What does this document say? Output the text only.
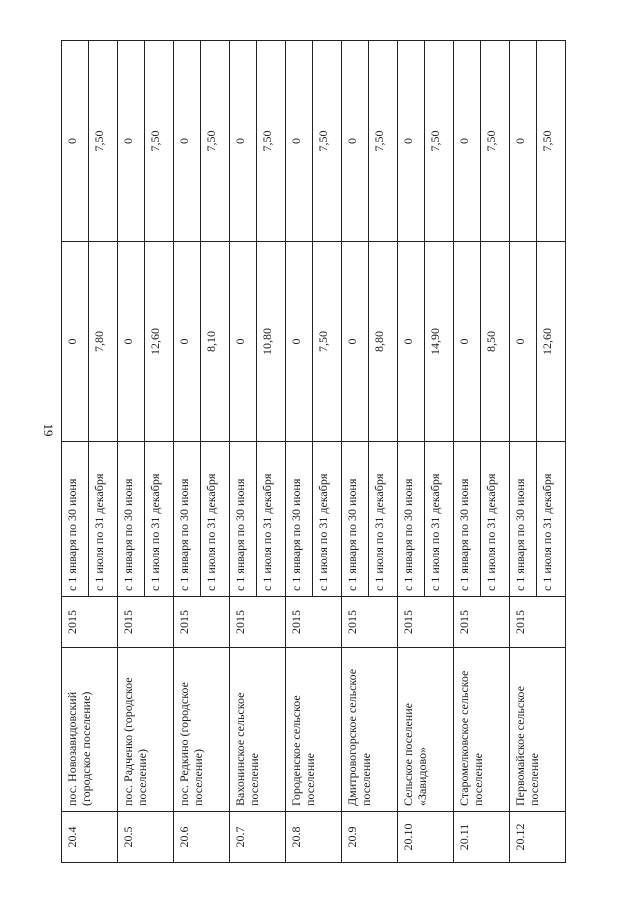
19
20.4	пос. Новозавидовский (городское поселение)	2015	с 1 января по 30 июня	0	0
			с 1 июля по 31 декабря	7,80	7,50
20.5	пос. Радченко (городское поселение)	2015	с 1 января по 30 июня	0	0
			с 1 июля по 31 декабря	12,60	7,50
20.6	пос. Редкино (городское поселение)	2015	с 1 января по 30 июня	0	0
			с 1 июля по 31 декабря	8,10	7,50
20.7	Вахонинское сельское поселение	2015	с 1 января по 30 июня	0	0
			с 1 июля по 31 декабря	10,80	7,50
20.8	Городенское сельское поселение	2015	с 1 января по 30 июня	0	0
			с 1 июля по 31 декабря	7,50	7,50
20.9	Дмитровогорское сельское поселение	2015	с 1 января по 30 июня	0	0
			с 1 июля по 31 декабря	8,80	7,50
20.10	Сельское поселение «Завидово»	2015	с 1 января по 30 июня	0	0
			с 1 июля по 31 декабря	14,90	7,50
20.11	Старомелковское сельское поселение	2015	с 1 января по 30 июня	0	0
			с 1 июля по 31 декабря	8,50	7,50
20.12	Первомайское сельское поселение	2015	с 1 января по 30 июня	0	0
			с 1 июля по 31 декабря	12,60	7,50
